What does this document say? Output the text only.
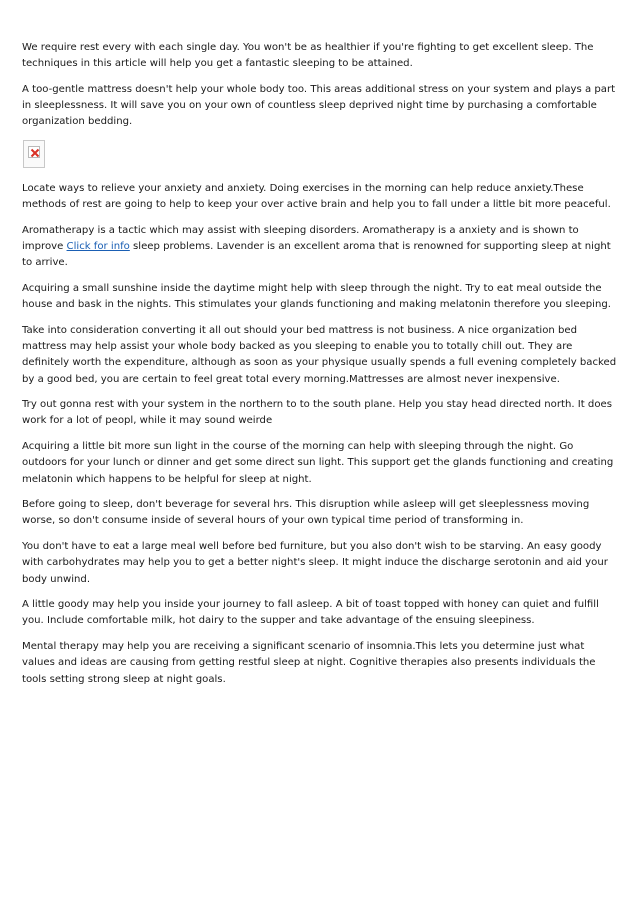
We require rest every with each single day. You won't be as healthier if you're fighting to get excellent sleep. The techniques in this article will help you get a fantastic sleeping to be attained.

A too-gentle mattress doesn't help your whole body too. This areas additional stress on your system and plays a part in sleeplessness. It will save you on your own of countless sleep deprived night time by purchasing a comfortable organization bedding.

Locate ways to relieve your anxiety and anxiety. Doing exercises in the morning can help reduce anxiety.These methods of rest are going to help to keep your over active brain and help you to fall under a little bit more peaceful.

Aromatherapy is a tactic which may assist with sleeping disorders. Aromatherapy is a anxiety and is shown to improve Click for info sleep problems. Lavender is an excellent aroma that is renowned for supporting sleep at night to arrive.

Acquiring a small sunshine inside the daytime might help with sleep through the night. Try to eat meal outside the house and bask in the nights. This stimulates your glands functioning and making melatonin therefore you sleeping.

Take into consideration converting it all out should your bed mattress is not business. A nice organization bed mattress may help assist your whole body backed as you sleeping to enable you to totally chill out. They are definitely worth the expenditure, although as soon as your physique usually spends a full evening completely backed by a good bed, you are certain to feel great total every morning.Mattresses are almost never inexpensive.

Try out gonna rest with your system in the northern to to the south plane. Help you stay head directed north. It does work for a lot of peopl, while it may sound weirde

Acquiring a little bit more sun light in the course of the morning can help with sleeping through the night. Go outdoors for your lunch or dinner and get some direct sun light. This support get the glands functioning and creating melatonin which happens to be helpful for sleep at night.

Before going to sleep, don't beverage for several hrs. This disruption while asleep will get sleeplessness moving worse, so don't consume inside of several hours of your own typical time period of transforming in.

You don't have to eat a large meal well before bed furniture, but you also don't wish to be starving. An easy goody with carbohydrates may help you to get a better night's sleep. It might induce the discharge serotonin and aid your body unwind.

A little goody may help you inside your journey to fall asleep. A bit of toast topped with honey can quiet and fulfill you. Include comfortable milk, hot dairy to the supper and take advantage of the ensuing sleepiness.

Mental therapy may help you are receiving a significant scenario of insomnia.This lets you determine just what values and ideas are causing from getting restful sleep at night. Cognitive therapies also presents individuals the tools setting strong sleep at night goals.
